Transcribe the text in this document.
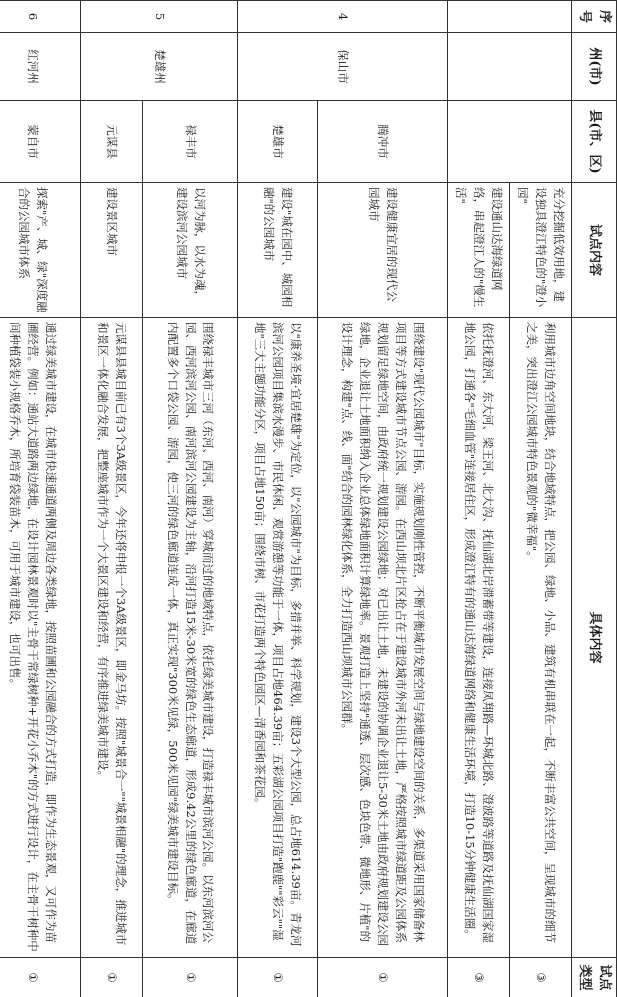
序号	州(市)	县(市、区)	试点内容	具体内容	试点类型
			充分挖掘低效用地，建设独具澄江特色的"澄小园"	利用城市边角空间地块，结合地域特点，把公园、绿地、小品、建筑有机串联在一起，不断丰富公共空间，呈现城市的细节之美，突出澄江公园城市特色景观的"微幸福"。	③
			建设通山达海绿道网络，串起澄江人的"慢生活"	依托抚澄河、东大河、梁王河、北大沟、抚仙湖北岸滞蓄带等建设，连接凤翔路—环城北路、澄波路等道路及抚仙湖国家湿地公园，打通各"毛细血管"连接居住区，形成澄江特有的通山达海绿道网络和健康生活环境，打造10-15分钟健康生活圈。	③
4	保山市	腾冲市	建设健康宜居的现代公园城市	围绕建设"现代公园城市"目标，实施规划刚性管控，不断平衡城市发展空间与绿地建设空间的关系，多渠道采用国家储备林项目等方式建设城市节点公园、游园。在西山坝北片区抢占在于建设城市外河未出让土地，严格按照城市绿道距及公园体系规划留足绿地空间，由政府统一规划建设公园绿地；对已出让土地，未建设的协调企业退让5-30米土地由政府规划建设公园绿地，企业退让土地面积纳入企业总体绿地面积计算绿地率。景观打造上坚持"通透、层次感、色块色带、微地形、片植"的设计理念，构建"点、线、面"结合的园林绿化体系，全力打造西山坝城市公园群。	①
		楚雄市	建设"城在园中、城园相融"的公园城市	以"康养圣境·宜居楚雄"为定位，以"公园城市"为目标，多措并举、科学规划，建设3个大型公园，总占地614.39亩。青龙河滨河公园项目集滨水漫步、市民休闲、观赏游憩等功能于一体，项目占地464.39亩；五彩湖公园项目打造"跑鹿""彩云""湿地"三大主题功能分区，项目占地150亩；围绕市树、市花打造两个特色园区—清香园和茶花园。	①
5	楚雄州	禄丰市	以河为脉，以水为魂，建设滨河公园城市	围绕禄丰城市三河（东河、西河、南河）穿城而过的地域特点，依托绿美城市建设，打造禄丰城市滨河公园。以东河滨河公园、西河滨河公园、南河滨河公园建设为主轴，沿河打造15米-30米宽的绿色生态廊道，形成9.42公里的绿色廊道，在廊道内配置多个口袋公园、游园，使三河的绿色廊道连成一体，真正实现"300米见绿，500米见园"绿美城市建设目标。	①
		元谋县	建设景区城市	元谋县县城目前已有3个3A级景区，今年还将申报一个3A级景区，即金马坊。按照"城景合一""城景相融"的理念，推进城市和景区一体化融合发展，把整座城市作为一个大景区建设和经营，有序推进绿美城市建设。	①
6	红河州	蒙自市	探索"产、城、绿"深度融合的公园城市体系	通过绿美城市建设，在城市快速通道两侧及周边各类绿地，按照苗圃和公园融合的方式打造，即作为生态景观，又可作为苗圃经营。例如：通站大道路两边绿地，在设计园林景观时以"主骨干常绿树种+开花小乔木"的方式进行设计，在主骨干树种中间种植袋装小规格乔木，所培育袋装苗木，可用于城市建设，也可出售。	①
